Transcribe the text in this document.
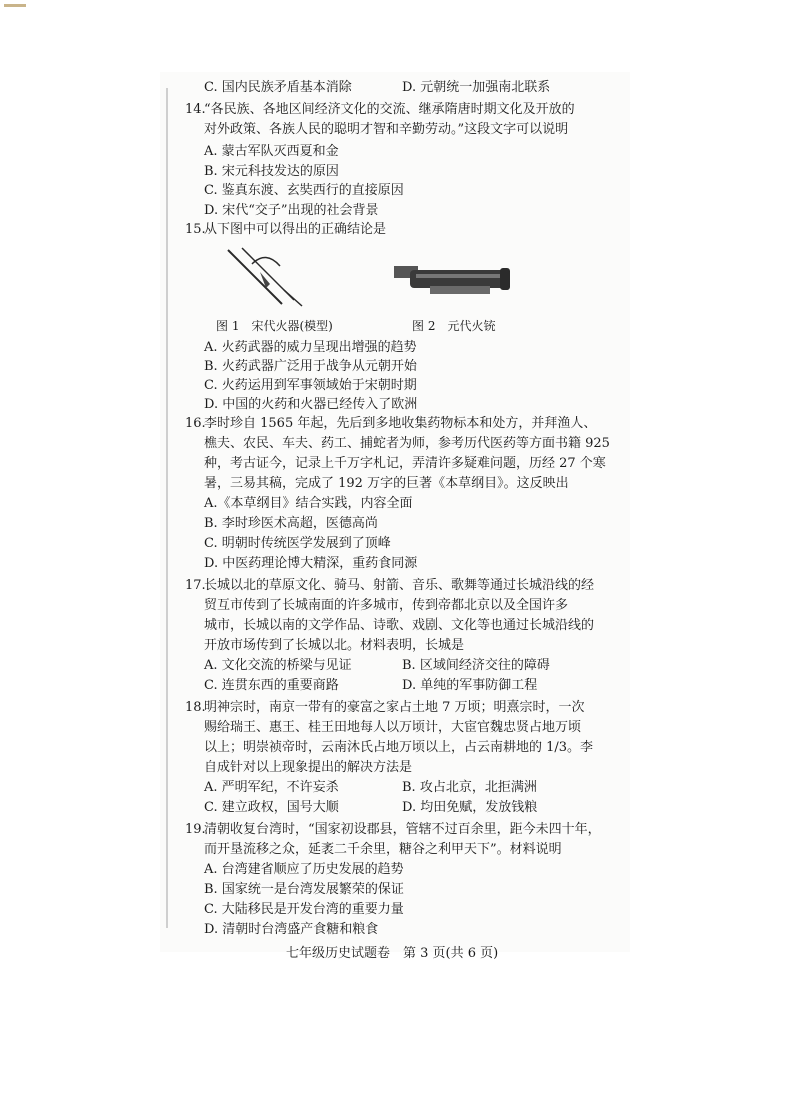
C. 国内民族矛盾基本消除	D. 元朝统一加强南北联系
14.
“各民族、各地区间经济文化的交流、继承隋唐时期文化及开放的
对外政策、各族人民的聪明才智和辛勤劳动。”这段文字可以说明
A. 蒙古军队灭西夏和金
B. 宋元科技发达的原因
C. 鉴真东渡、玄奘西行的直接原因
D. 宋代“交子”出现的社会背景
15.
从下图中可以得出的正确结论是
图 1　宋代火器(模型)	图 2　元代火铳
A. 火药武器的威力呈现出增强的趋势
B. 火药武器广泛用于战争从元朝开始
C. 火药运用到军事领域始于宋朝时期
D. 中国的火药和火器已经传入了欧洲
16.
李时珍自 1565 年起，先后到多地收集药物标本和处方，并拜渔人、
樵夫、农民、车夫、药工、捕蛇者为师，参考历代医药等方面书籍 925
种，考古证今，记录上千万字札记，弄清许多疑难问题，历经 27 个寒
暑，三易其稿，完成了 192 万字的巨著《本草纲目》。这反映出
A.《本草纲目》结合实践，内容全面
B. 李时珍医术高超，医德高尚
C. 明朝时传统医学发展到了顶峰
D. 中医药理论博大精深，重药食同源
17.
长城以北的草原文化、骑马、射箭、音乐、歌舞等通过长城沿线的经
贸互市传到了长城南面的许多城市，传到帝都北京以及全国许多
城市，长城以南的文学作品、诗歌、戏剧、文化等也通过长城沿线的
开放市场传到了长城以北。材料表明，长城是
A. 文化交流的桥梁与见证	B. 区域间经济交往的障碍
C. 连贯东西的重要商路	D. 单纯的军事防御工程
18.
明神宗时，南京一带有的豪富之家占土地 7 万顷；明熹宗时，一次
赐给瑞王、惠王、桂王田地每人以万顷计，大宦官魏忠贤占地万顷
以上；明崇祯帝时，云南沐氏占地万顷以上，占云南耕地的 1/3。李
自成针对以上现象提出的解决方法是
A. 严明军纪，不许妄杀	B. 攻占北京，北拒满洲
C. 建立政权，国号大顺	D. 均田免赋，发放钱粮
19.
清朝收复台湾时，“国家初设郡县，管辖不过百余里，距今未四十年，
而开垦流移之众，延袤二千余里，糖谷之利甲天下”。材料说明
A. 台湾建省顺应了历史发展的趋势
B. 国家统一是台湾发展繁荣的保证
C. 大陆移民是开发台湾的重要力量
D. 清朝时台湾盛产食糖和粮食
七年级历史试题卷　第 3 页(共 6 页)
